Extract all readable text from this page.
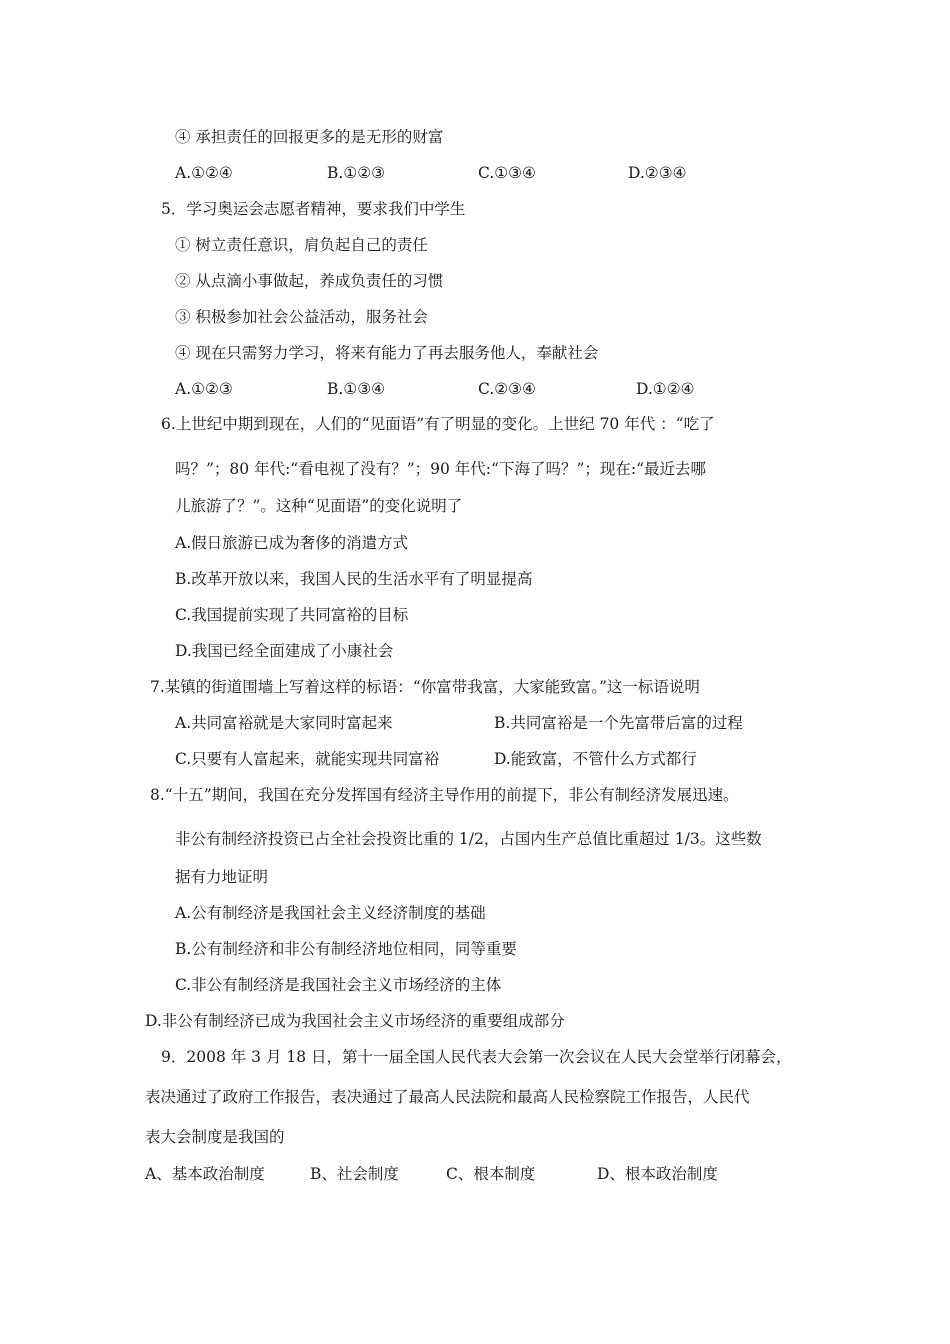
④ 承担责任的回报更多的是无形的财富
A.①②④	B.①②③	C.①③④	D.②③④
5．学习奥运会志愿者精神，要求我们中学生
① 树立责任意识，肩负起自己的责任
② 从点滴小事做起，养成负责任的习惯
③ 积极参加社会公益活动，服务社会
④ 现在只需努力学习，将来有能力了再去服务他人，奉献社会
A.①②③	B.①③④	C.②③④	D.①②④
6.上世纪中期到现在，人们的“见面语”有了明显的变化。上世纪 70 年代 ：“吃了
吗？”；80 年代:“看电视了没有？”；90 年代:“下海了吗？”；现在:“最近去哪
儿旅游了？”。这种“见面语”的变化说明了
A.假日旅游已成为奢侈的消遣方式
B.改革开放以来，我国人民的生活水平有了明显提高
C.我国提前实现了共同富裕的目标
D.我国已经全面建成了小康社会
7.某镇的街道围墙上写着这样的标语：“你富带我富，大家能致富。”这一标语说明
A.共同富裕就是大家同时富起来	B.共同富裕是一个先富带后富的过程
C.只要有人富起来，就能实现共同富裕	D.能致富，不管什么方式都行
8.“十五”期间，我国在充分发挥国有经济主导作用的前提下，非公有制经济发展迅速。
非公有制经济投资已占全社会投资比重的 1/2，占国内生产总值比重超过 1/3。这些数
据有力地证明
A.公有制经济是我国社会主义经济制度的基础
B.公有制经济和非公有制经济地位相同，同等重要
C.非公有制经济是我国社会主义市场经济的主体
D.非公有制经济已成为我国社会主义市场经济的重要组成部分
9．2008 年 3 月 18 日，第十一届全国人民代表大会第一次会议在人民大会堂举行闭幕会，
表决通过了政府工作报告，表决通过了最高人民法院和最高人民检察院工作报告，人民代
表大会制度是我国的
A、基本政治制度	B、社会制度	C、根本制度	D、根本政治制度
